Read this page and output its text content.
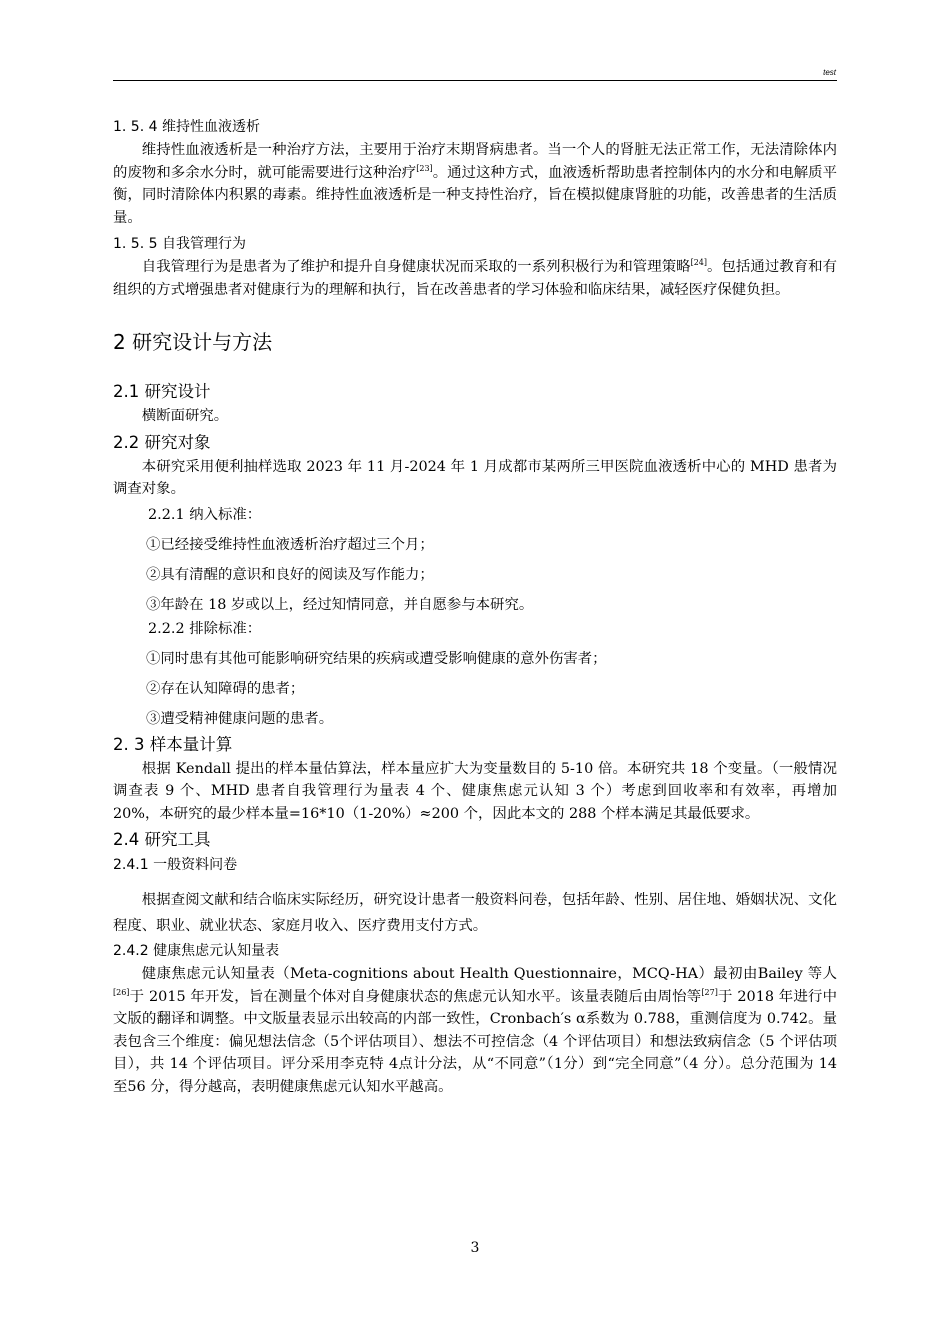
test
1. 5. 4 维持性血液透析

维持性血液透析是一种治疗方法，主要用于治疗末期肾病患者。当一个人的肾脏无法正常工作，无法清除体内的废物和多余水分时，就可能需要进行这种治疗[23]。通过这种方式，血液透析帮助患者控制体内的水分和电解质平衡，同时清除体内积累的毒素。维持性血液透析是一种支持性治疗，旨在模拟健康肾脏的功能，改善患者的生活质量。

1. 5. 5 自我管理行为

自我管理行为是患者为了维护和提升自身健康状况而采取的一系列积极行为和管理策略[24]。包括通过教育和有组织的方式增强患者对健康行为的理解和执行，旨在改善患者的学习体验和临床结果，减轻医疗保健负担。

2 研究设计与方法
2.1 研究设计

横断面研究。

2.2 研究对象

本研究采用便利抽样选取 2023 年 11 月-2024 年 1 月成都市某两所三甲医院血液透析中心的 MHD 患者为调查对象。

2.2.1 纳入标准：
①已经接受维持性血液透析治疗超过三个月；
②具有清醒的意识和良好的阅读及写作能力；
③年龄在 18 岁或以上，经过知情同意，并自愿参与本研究。
2.2.2 排除标准：
①同时患有其他可能影响研究结果的疾病或遭受影响健康的意外伤害者；
②存在认知障碍的患者；
③遭受精神健康问题的患者。
2. 3 样本量计算

根据 Kendall 提出的样本量估算法，样本量应扩大为变量数目的 5-10 倍。本研究共 18 个变量。（一般情况调查表 9 个、MHD 患者自我管理行为量表 4 个、健康焦虑元认知 3 个）考虑到回收率和有效率，再增加 20%，本研究的最少样本量=16*10（1-20%）≈200 个，因此本文的 288 个样本满足其最低要求。

2.4 研究工具
2.4.1 一般资料问卷

根据查阅文献和结合临床实际经历，研究设计患者一般资料问卷，包括年龄、性别、居住地、婚姻状况、文化程度、职业、就业状态、家庭月收入、医疗费用支付方式。

2.4.2 健康焦虑元认知量表

健康焦虑元认知量表（Meta-cognitions about Health Questionnaire，MCQ-HA）最初由Bailey 等人[26]于 2015 年开发，旨在测量个体对自身健康状态的焦虑元认知水平。该量表随后由周怡等[27]于 2018 年进行中文版的翻译和调整。中文版量表显示出较高的内部一致性，Cronbach′s α系数为 0.788，重测信度为 0.742。量表包含三个维度：偏见想法信念（5个评估项目）、想法不可控信念（4 个评估项目）和想法致病信念（5 个评估项目），共 14 个评估项目。评分采用李克特 4点计分法，从“不同意”（1分）到“完全同意”（4 分）。总分范围为 14 至56 分，得分越高，表明健康焦虑元认知水平越高。

3
